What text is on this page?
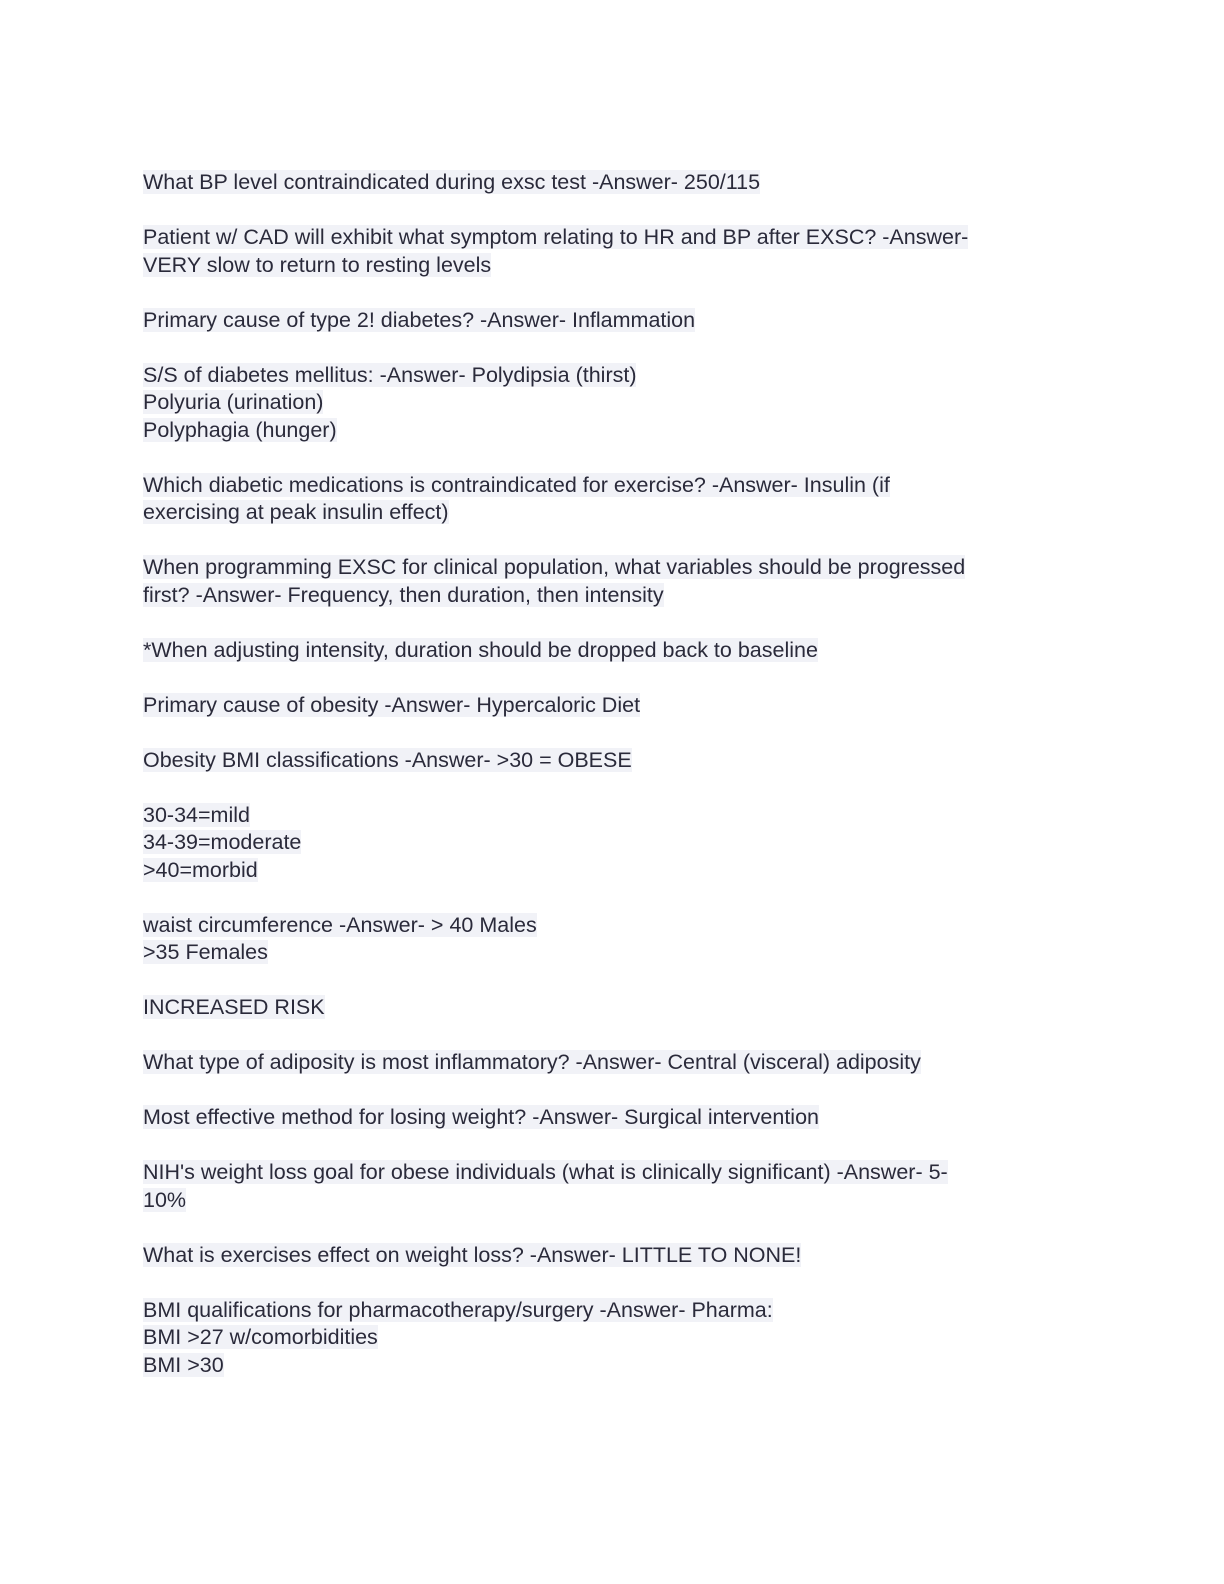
What BP level contraindicated during exsc test -Answer- 250/115
Patient w/ CAD will exhibit what symptom relating to HR and BP after EXSC? -Answer-
VERY slow to return to resting levels
Primary cause of type 2! diabetes? -Answer- Inflammation
S/S of diabetes mellitus: -Answer- Polydipsia (thirst)
Polyuria (urination)
Polyphagia (hunger)
Which diabetic medications is contraindicated for exercise? -Answer- Insulin (if
exercising at peak insulin effect)
When programming EXSC for clinical population, what variables should be progressed
first? -Answer- Frequency, then duration, then intensity
*When adjusting intensity, duration should be dropped back to baseline
Primary cause of obesity -Answer- Hypercaloric Diet
Obesity BMI classifications -Answer- >30 = OBESE
30-34=mild
34-39=moderate
>40=morbid
waist circumference -Answer- > 40 Males
>35 Females
INCREASED RISK
What type of adiposity is most inflammatory? -Answer- Central (visceral) adiposity
Most effective method for losing weight? -Answer- Surgical intervention
NIH's weight loss goal for obese individuals (what is clinically significant) -Answer- 5-
10%
What is exercises effect on weight loss? -Answer- LITTLE TO NONE!
BMI qualifications for pharmacotherapy/surgery -Answer- Pharma:
BMI >27 w/comorbidities
BMI >30
